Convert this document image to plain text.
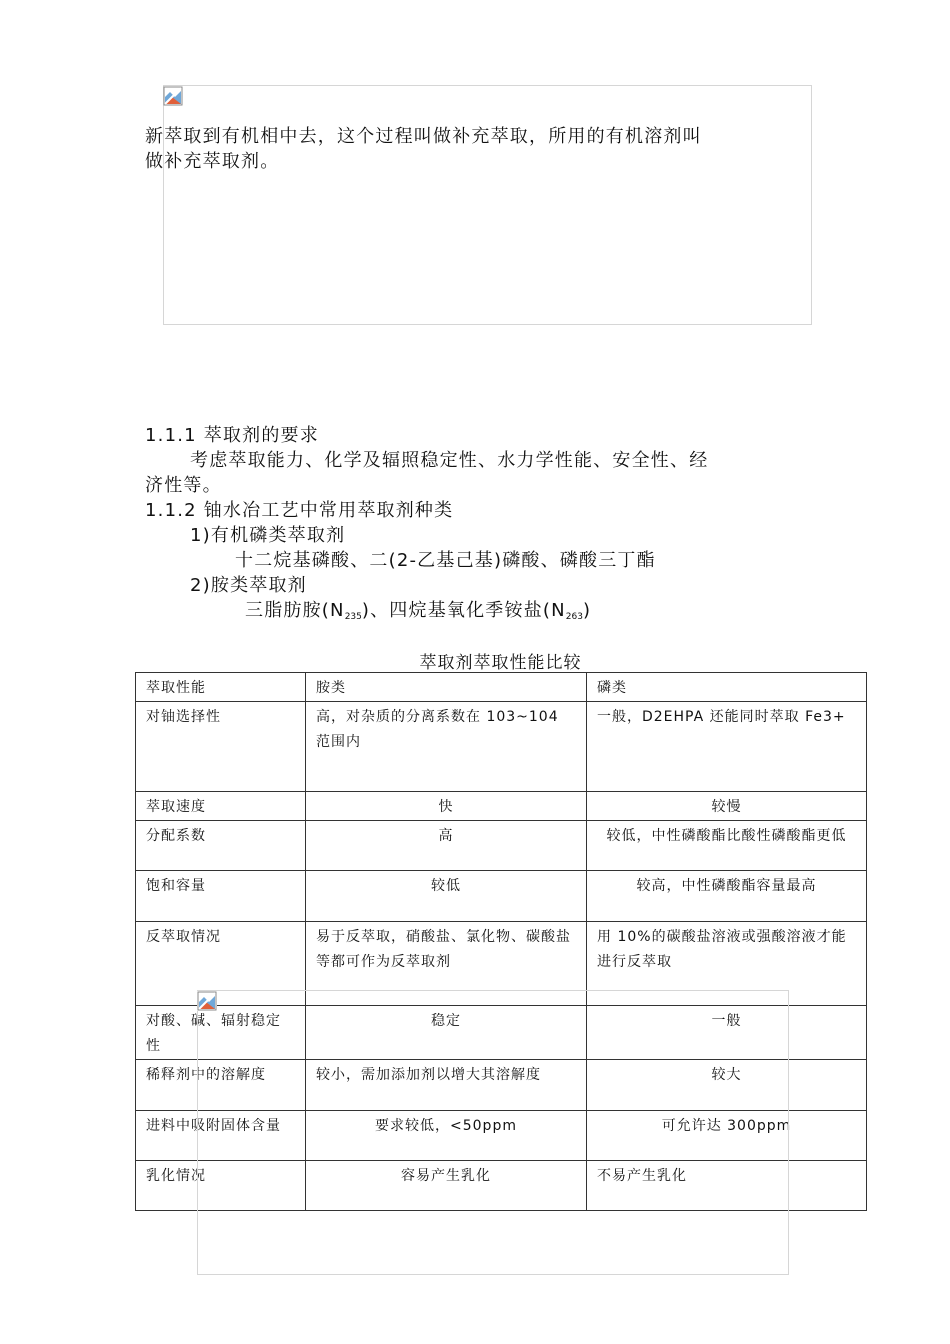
新萃取到有机相中去，这个过程叫做补充萃取，所用的有机溶剂叫

做补充萃取剂。

1.1.1 萃取剂的要求

考虑萃取能力、化学及辐照稳定性、水力学性能、安全性、经

济性等。

1.1.2 铀水冶工艺中常用萃取剂种类

1)有机磷类萃取剂

十二烷基磷酸、二(2-乙基己基)磷酸、磷酸三丁酯

2)胺类萃取剂

三脂肪胺(N235)、四烷基氧化季铵盐(N263)

萃取剂萃取性能比较
萃取性能	胺类	磷类
对铀选择性	高，对杂质的分离系数在 103~104 范围内	一般，D2EHPA 还能同时萃取 Fe3+
萃取速度	快	较慢
分配系数	高	较低，中性磷酸酯比酸性磷酸酯更低
饱和容量	较低	较高，中性磷酸酯容量最高
反萃取情况	易于反萃取，硝酸盐、氯化物、碳酸盐等都可作为反萃取剂	用 10%的碳酸盐溶液或强酸溶液才能进行反萃取
对酸、碱、辐射稳定性	稳定	一般
稀释剂中的溶解度	较小，需加添加剂以增大其溶解度	较大
进料中吸附固体含量	要求较低，<50ppm	可允许达 300ppm
乳化情况	容易产生乳化	不易产生乳化
